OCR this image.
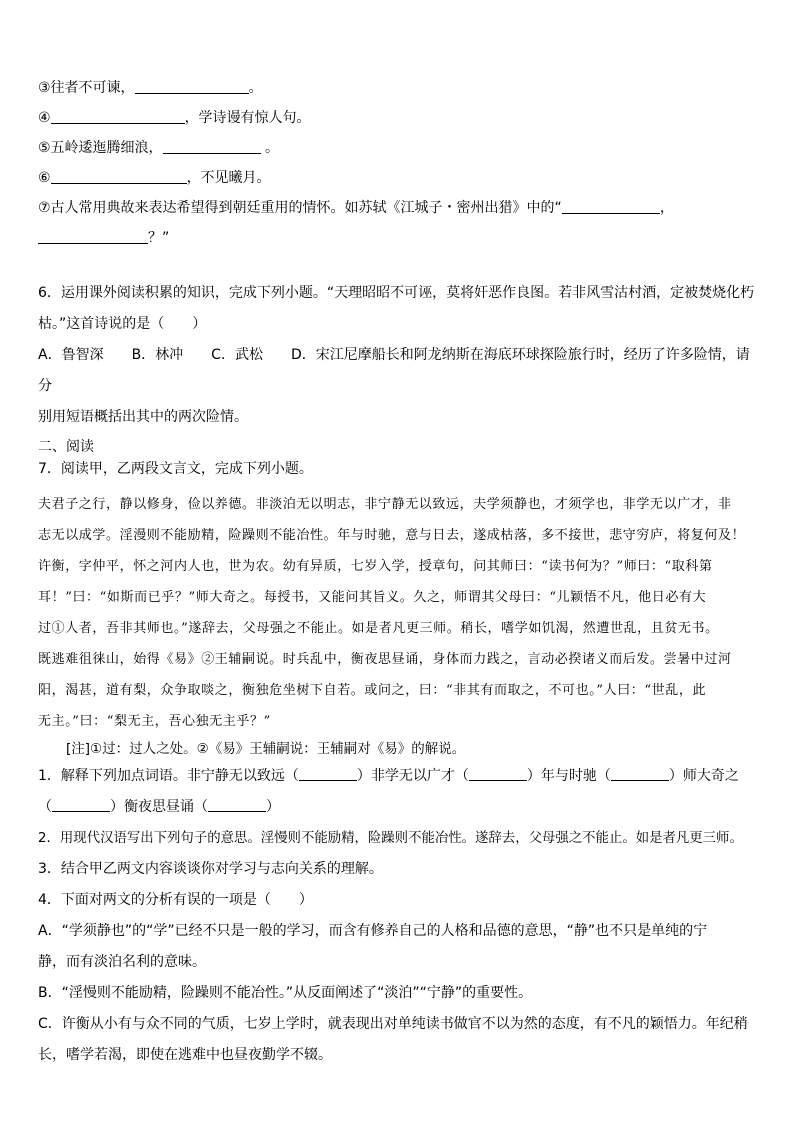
③往者不可谏，	。
④	，学诗谩有惊人句。
⑤五岭逶迤腾细浪，	。
⑥	，不见曦月。
⑦古人常用典故来表达希望得到朝廷重用的情怀。如苏轼《江城子・密州出猎》中的“	，
？”
6．运用课外阅读积累的知识，完成下列小题。“天理昭昭不可诬，莫将奸恶作良图。若非风雪沽村酒，定被焚烧化朽
枯。”这首诗说的是（　　）
A．鲁智深　　B．林冲　　C．武松　　D．宋江尼摩船长和阿龙纳斯在海底环球探险旅行时，经历了许多险情，请分
别用短语概括出其中的两次险情。
二、阅读
7．阅读甲，乙两段文言文，完成下列小题。
夫君子之行，静以修身，俭以养德。非淡泊无以明志，非宁静无以致远，夫学须静也，才须学也，非学无以广才，非
志无以成学。淫漫则不能励精，险躁则不能冶性。年与时驰，意与日去，遂成枯落，多不接世，悲守穷庐，将复何及！
许衡，字仲平，怀之河内人也，世为农。幼有异质，七岁入学，授章句，问其师曰：“读书何为？”师曰：“取科第
耳！”曰：“如斯而已乎？”师大奇之。每授书，又能问其旨义。久之，师谓其父母曰：“儿颖悟不凡，他日必有大
过①人者，吾非其师也。”遂辞去，父母强之不能止。如是者凡更三师。稍长，嗜学如饥渴，然遭世乱，且贫无书。
既逃难徂徕山，始得《易》②王辅嗣说。时兵乱中，衡夜思昼诵，身体而力践之，言动必揆诸义而后发。尝暑中过河
阳，渴甚，道有梨，众争取啖之，衡独危坐树下自若。或问之，曰：“非其有而取之，不可也。”人曰：“世乱，此
无主。”曰：“梨无主，吾心独无主乎？”
[注]①过：过人之处。②《易》王辅嗣说：王辅嗣对《易》的解说。
1．解释下列加点词语。非宁静无以致远（	）非学无以广才（	）年与时驰（	）师大奇之
（	）衡夜思昼诵（	）
2．用现代汉语写出下列句子的意思。淫慢则不能励精，险躁则不能冶性。遂辞去，父母强之不能止。如是者凡更三师。
3．结合甲乙两文内容谈谈你对学习与志向关系的理解。
4．下面对两文的分析有误的一项是（　　）
A．“学须静也”的“学”已经不只是一般的学习，而含有修养自己的人格和品德的意思，“静”也不只是单纯的宁
静，而有淡泊名利的意味。
B．“淫慢则不能励精，险躁则不能冶性。”从反面阐述了“淡泊”“宁静”的重要性。
C．许衡从小有与众不同的气质，七岁上学时，就表现出对单纯读书做官不以为然的态度，有不凡的颖悟力。年纪稍
长，嗜学若渴，即使在逃难中也昼夜勤学不辍。
